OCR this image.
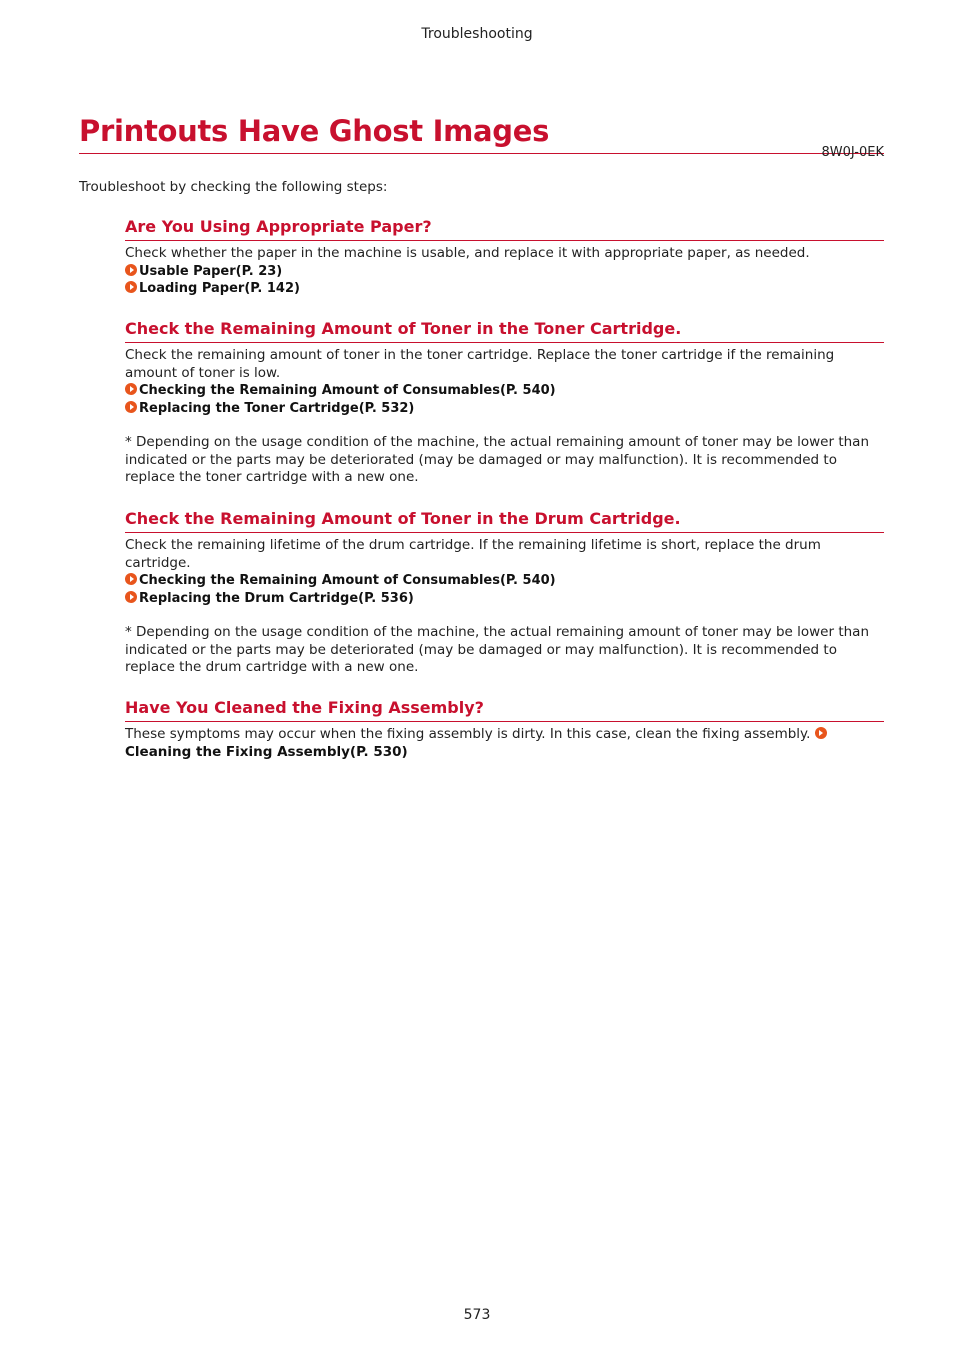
Troubleshooting
Printouts Have Ghost Images
8W0J-0EK
Troubleshoot by checking the following steps:
Are You Using Appropriate Paper?

Check whether the paper in the machine is usable, and replace it with appropriate paper, as needed.

Usable Paper(P. 23)
Loading Paper(P. 142)
Check the Remaining Amount of Toner in the Toner Cartridge.

Check the remaining amount of toner in the toner cartridge. Replace the toner cartridge if the remaining amount of toner is low.

Checking the Remaining Amount of Consumables(P. 540)
Replacing the Toner Cartridge(P. 532)

* Depending on the usage condition of the machine, the actual remaining amount of toner may be lower than indicated or the parts may be deteriorated (may be damaged or may malfunction). It is recommended to replace the toner cartridge with a new one.

Check the Remaining Amount of Toner in the Drum Cartridge.

Check the remaining lifetime of the drum cartridge. If the remaining lifetime is short, replace the drum cartridge.

Checking the Remaining Amount of Consumables(P. 540)
Replacing the Drum Cartridge(P. 536)

* Depending on the usage condition of the machine, the actual remaining amount of toner may be lower than indicated or the parts may be deteriorated (may be damaged or may malfunction). It is recommended to replace the drum cartridge with a new one.

Have You Cleaned the Fixing Assembly?

These symptoms may occur when the fixing assembly is dirty. In this case, clean the fixing assembly.
Cleaning the Fixing Assembly(P. 530)

573
